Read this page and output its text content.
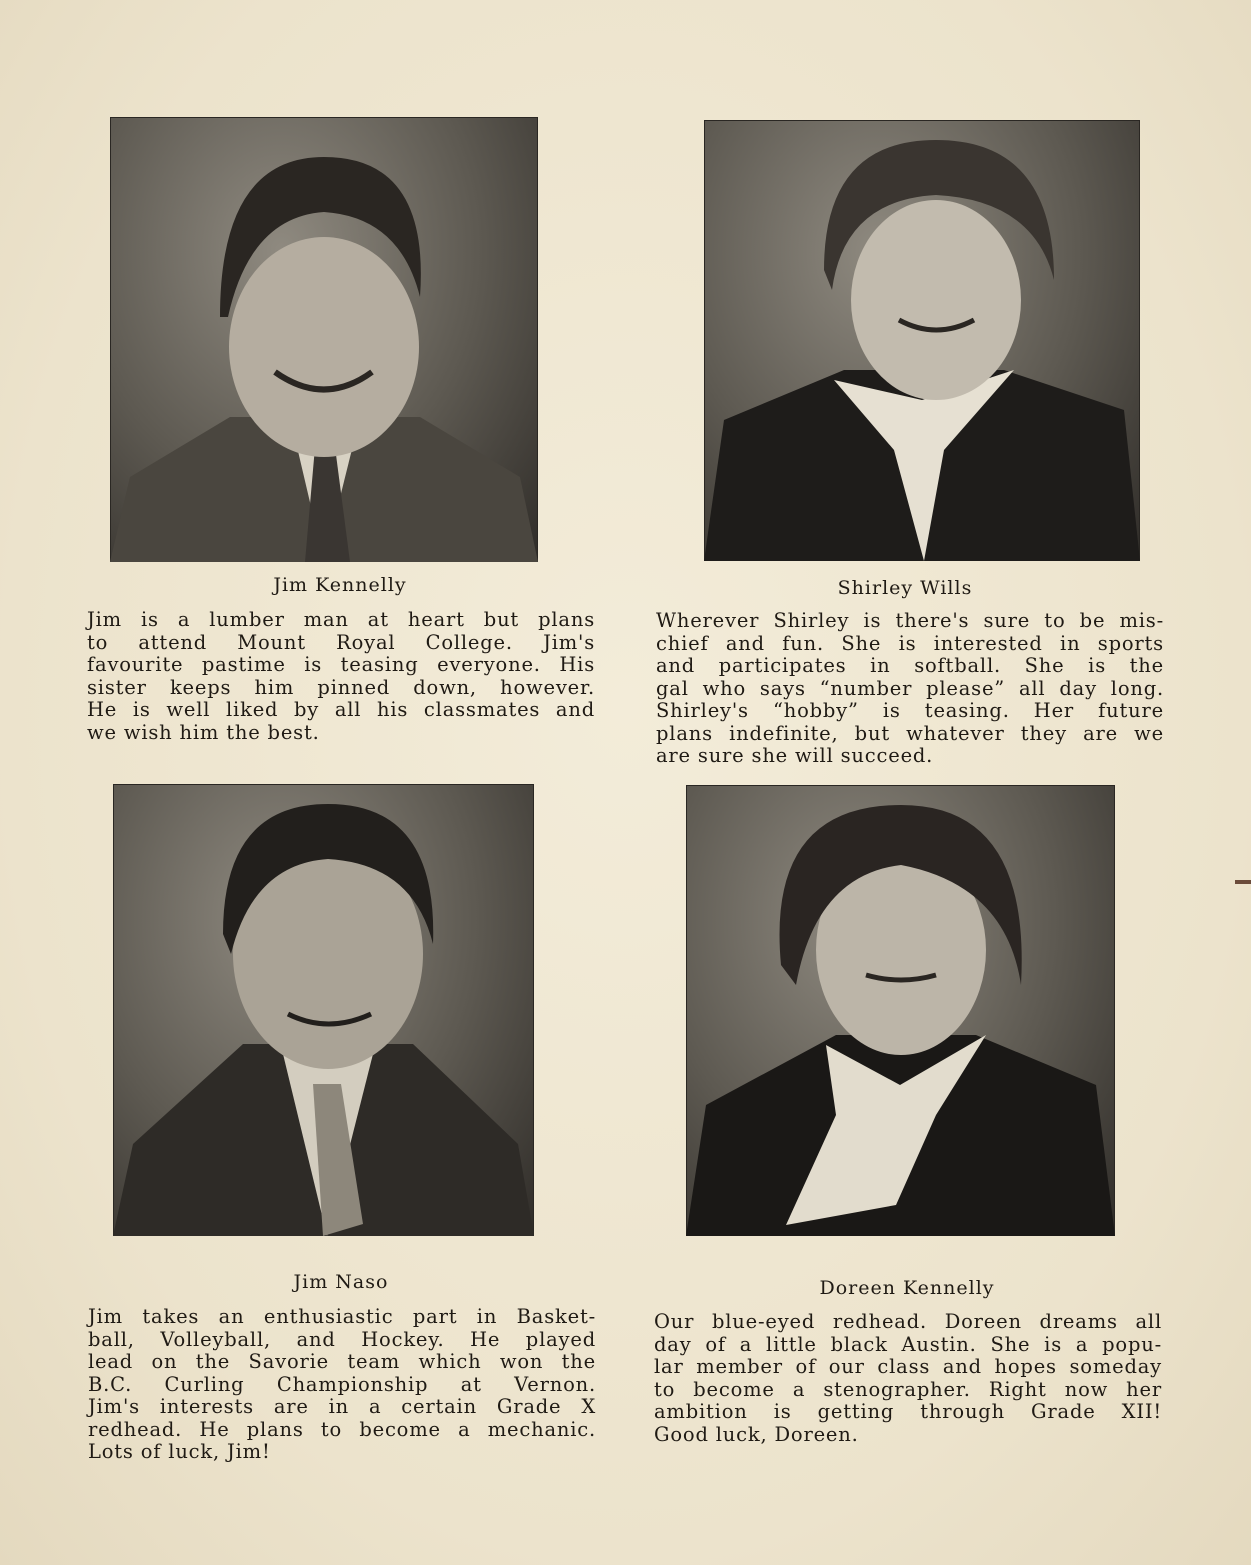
Jim Kennelly
Jim is a lumber man at heart but plans
to attend Mount Royal College. Jim's
favourite pastime is teasing everyone. His
sister keeps him pinned down, however.
He is well liked by all his classmates and
we wish him the best.
Shirley Wills
Wherever Shirley is there's sure to be mis-
chief and fun. She is interested in sports
and participates in softball. She is the
gal who says “number please” all day long.
Shirley's “hobby” is teasing. Her future
plans indefinite, but whatever they are we
are sure she will succeed.
Jim Naso
Jim takes an enthusiastic part in Basket-
ball, Volleyball, and Hockey. He played
lead on the Savorie team which won the
B.C. Curling Championship at Vernon.
Jim's interests are in a certain Grade X
redhead. He plans to become a mechanic.
Lots of luck, Jim!
Doreen Kennelly
Our blue-eyed redhead. Doreen dreams all
day of a little black Austin. She is a popu-
lar member of our class and hopes someday
to become a stenographer. Right now her
ambition is getting through Grade XII!
Good luck, Doreen.
